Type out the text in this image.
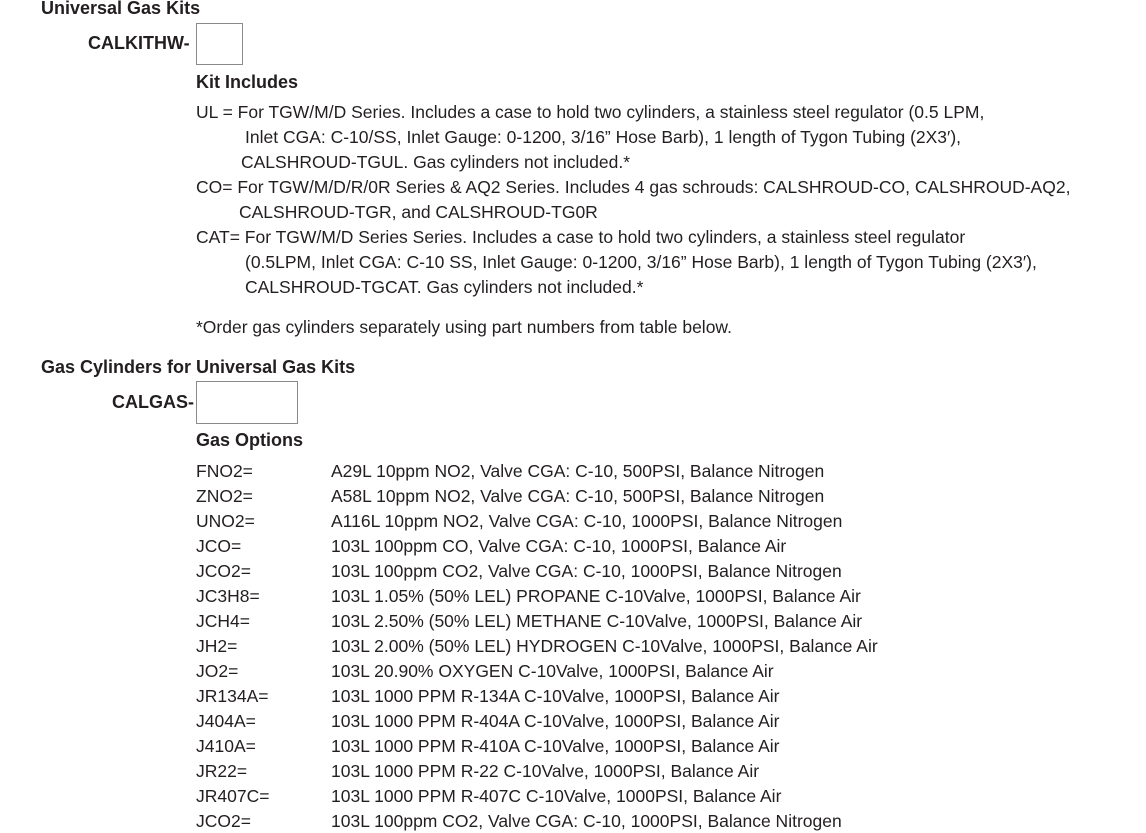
Universal Gas Kits
CALKITHW-
Kit Includes
UL = For TGW/M/D Series. Includes a case to hold two cylinders, a stainless steel regulator (0.5 LPM,
Inlet CGA: C-10/SS, Inlet Gauge: 0-1200, 3/16” Hose Barb), 1 length of Tygon Tubing (2X3′),
CALSHROUD-TGUL. Gas cylinders not included.*
CO= For TGW/M/D/R/0R Series & AQ2 Series. Includes 4 gas schrouds: CALSHROUD-CO, CALSHROUD-AQ2,
CALSHROUD-TGR, and CALSHROUD-TG0R
CAT= For TGW/M/D Series Series. Includes a case to hold two cylinders, a stainless steel regulator
(0.5LPM, Inlet CGA: C-10 SS, Inlet Gauge: 0-1200, 3/16” Hose Barb), 1 length of Tygon Tubing (2X3′),
CALSHROUD-TGCAT. Gas cylinders not included.*
*Order gas cylinders separately using part numbers from table below.
Gas Cylinders for Universal Gas Kits
CALGAS-
Gas Options
FNO2=	A29L 10ppm NO2, Valve CGA: C-10, 500PSI, Balance Nitrogen
ZNO2=	A58L 10ppm NO2, Valve CGA: C-10, 500PSI, Balance Nitrogen
UNO2=	A116L 10ppm NO2, Valve CGA: C-10, 1000PSI, Balance Nitrogen
JCO=	103L 100ppm CO, Valve CGA: C-10, 1000PSI, Balance Air
JCO2=	103L 100ppm CO2, Valve CGA: C-10, 1000PSI, Balance Nitrogen
JC3H8=	103L 1.05% (50% LEL) PROPANE C-10Valve, 1000PSI, Balance Air
JCH4=	103L 2.50% (50% LEL) METHANE C-10Valve, 1000PSI, Balance Air
JH2=	103L 2.00% (50% LEL) HYDROGEN C-10Valve, 1000PSI, Balance Air
JO2=	103L 20.90% OXYGEN C-10Valve, 1000PSI, Balance Air
JR134A=	103L 1000 PPM R-134A C-10Valve, 1000PSI, Balance Air
J404A=	103L 1000 PPM R-404A C-10Valve, 1000PSI, Balance Air
J410A=	103L 1000 PPM R-410A C-10Valve, 1000PSI, Balance Air
JR22=	103L 1000 PPM R-22 C-10Valve, 1000PSI, Balance Air
JR407C=	103L 1000 PPM R-407C C-10Valve, 1000PSI, Balance Air
JCO2=	103L 100ppm CO2, Valve CGA: C-10, 1000PSI, Balance Nitrogen
